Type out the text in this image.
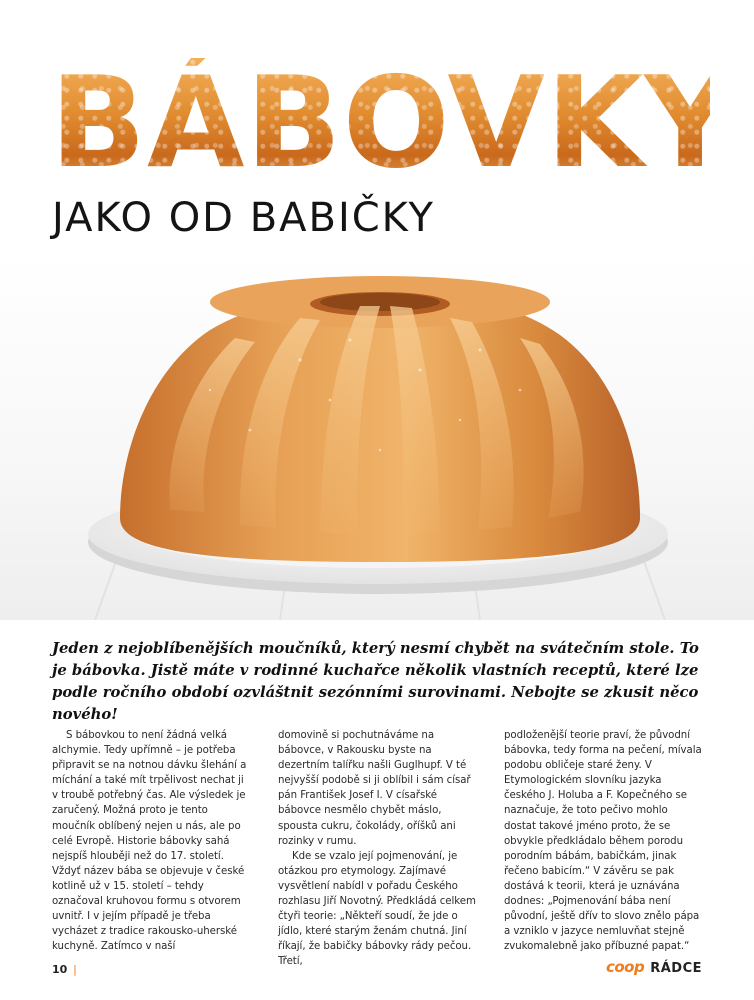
BÁBOVKY
JAKO OD BABIČKY
Jeden z nejoblíbenějších moučníků, který nesmí chybět na svátečním stole. To je bábovka. Jistě máte v rodinné kuchařce několik vlastních receptů, které lze podle ročního období ozvláštnit sezónními surovinami. Nebojte se zkusit něco nového!

S bábovkou to není žádná velká alchymie. Tedy upřímně – je potřeba připravit se na notnou dávku šlehání a míchání a také mít trpělivost nechat ji v troubě potřebný čas. Ale výsledek je zaručený. Možná proto je tento moučník oblíbený nejen u nás, ale po celé Evropě. Historie bábovky sahá nejspíš hlouběji než do 17. století. Vždyť název bába se objevuje v české kotlině už v 15. století – tehdy označoval kruhovou formu s otvorem uvnitř. I v jejím případě je třeba vycházet z tradice rakousko-uherské kuchyně. Zatímco v naší

domovině si pochutnáváme na bábovce, v Rakousku byste na dezertním talířku našli Guglhupf. V té nejvyšší podobě si ji oblíbil i sám císař pán František Josef I. V císařské bábovce nesmělo chybět máslo, spousta cukru, čokolády, oříšků ani rozinky v rumu.

Kde se vzalo její pojmenování, je otázkou pro etymology. Zajímavé vysvětlení nabídl v pořadu Českého rozhlasu Jiří Novotný. Předkládá celkem čtyři teorie: „Někteří soudí, že jde o jídlo, které starým ženám chutná. Jiní říkají, že babičky bábovky rády pečou. Třetí,

podloženější teorie praví, že původní bábovka, tedy forma na pečení, mívala podobu obličeje staré ženy. V Etymologickém slovníku jazyka českého J. Holuba a F. Kopečného se naznačuje, že toto pečivo mohlo dostat takové jméno proto, že se obvykle předkládalo během porodu porodním bábám, babičkám, jinak řečeno babicím.“ V závěru se pak dostává k teorii, která je uznávána dodnes: „Pojmenování bába není původní, ještě dřív to slovo znělo pápa a vzniklo v jazyce nemluvňat stejně zvukomalebně jako příbuzné papat.“

10 |	coop RÁDCE
